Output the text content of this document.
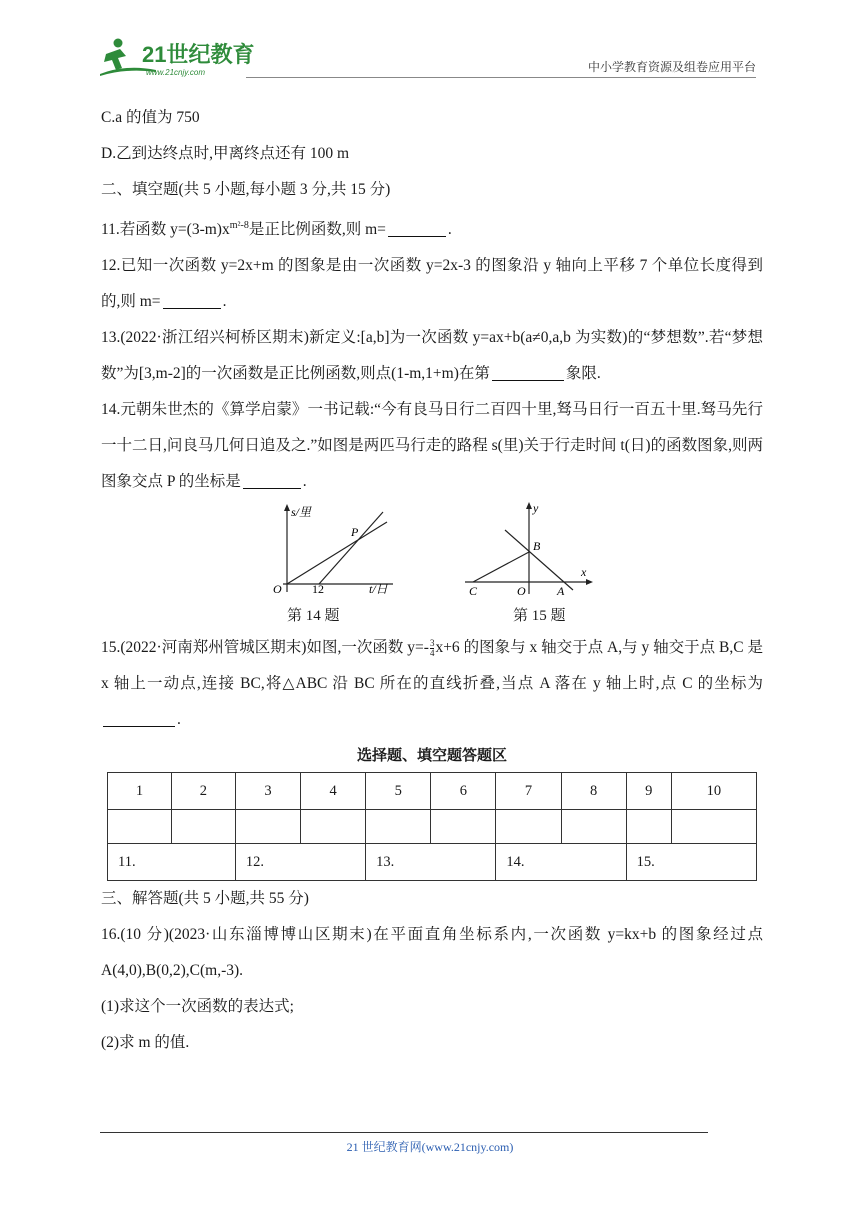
21世纪教育
www.21cnjy.com	中小学教育资源及组卷应用平台
C.a 的值为 750
D.乙到达终点时,甲离终点还有 100 m
二、填空题(共 5 小题,每小题 3 分,共 15 分)
11.若函数 $y=(3-m)x^{m^2-8}$是正比例函数,则 m=	.
12.已知一次函数 y=2x+m 的图象是由一次函数 y=2x-3 的图象沿 y 轴向上平移 7 个单位长度得到的,则 m=	.
13.(2022·浙江绍兴柯桥区期末)新定义:[a,b]为一次函数 y=ax+b(a≠0,a,b 为实数)的“梦想数”.若“梦想数”为[3,m-2]的一次函数是正比例函数,则点(1-m,1+m)在第	象限.
14.元朝朱世杰的《算学启蒙》一书记载:“今有良马日行二百四十里,驽马日行一百五十里.驽马先行一十二日,问良马几何日追及之.”如图是两匹马行走的路程 s(里)关于行走时间 t(日)的函数图象,则两图象交点 P 的坐标是	.
s/里
O	12	t/日
P
第 14 题
y
x
B
O
C	A
第 15 题
15.(2022·河南郑州管城区期末)如图,一次函数 $y=- \frac{3}{4} x+6$ 的图象与 x 轴交于点 A,与 y 轴交于点 B,C 是 x 轴上一动点,连接 BC,将△ABC 沿 BC 所在的直线折叠,当点 A 落在 y 轴上时,点 C 的坐标为.
选择题、填空题答题区
1	2	3	4	5	6	7	8	9	10

11.		12.		13.		14.		15.	
三、解答题(共 5 小题,共 55 分)
16.(10 分)(2023·山东淄博博山区期末)在平面直角坐标系内,一次函数 y=kx+b 的图象经过点 A(4,0),B(0,2),C(m,-3).
(1)求这个一次函数的表达式;
(2)求 m 的值.
21 世纪教育网(www.21cnjy.com)
